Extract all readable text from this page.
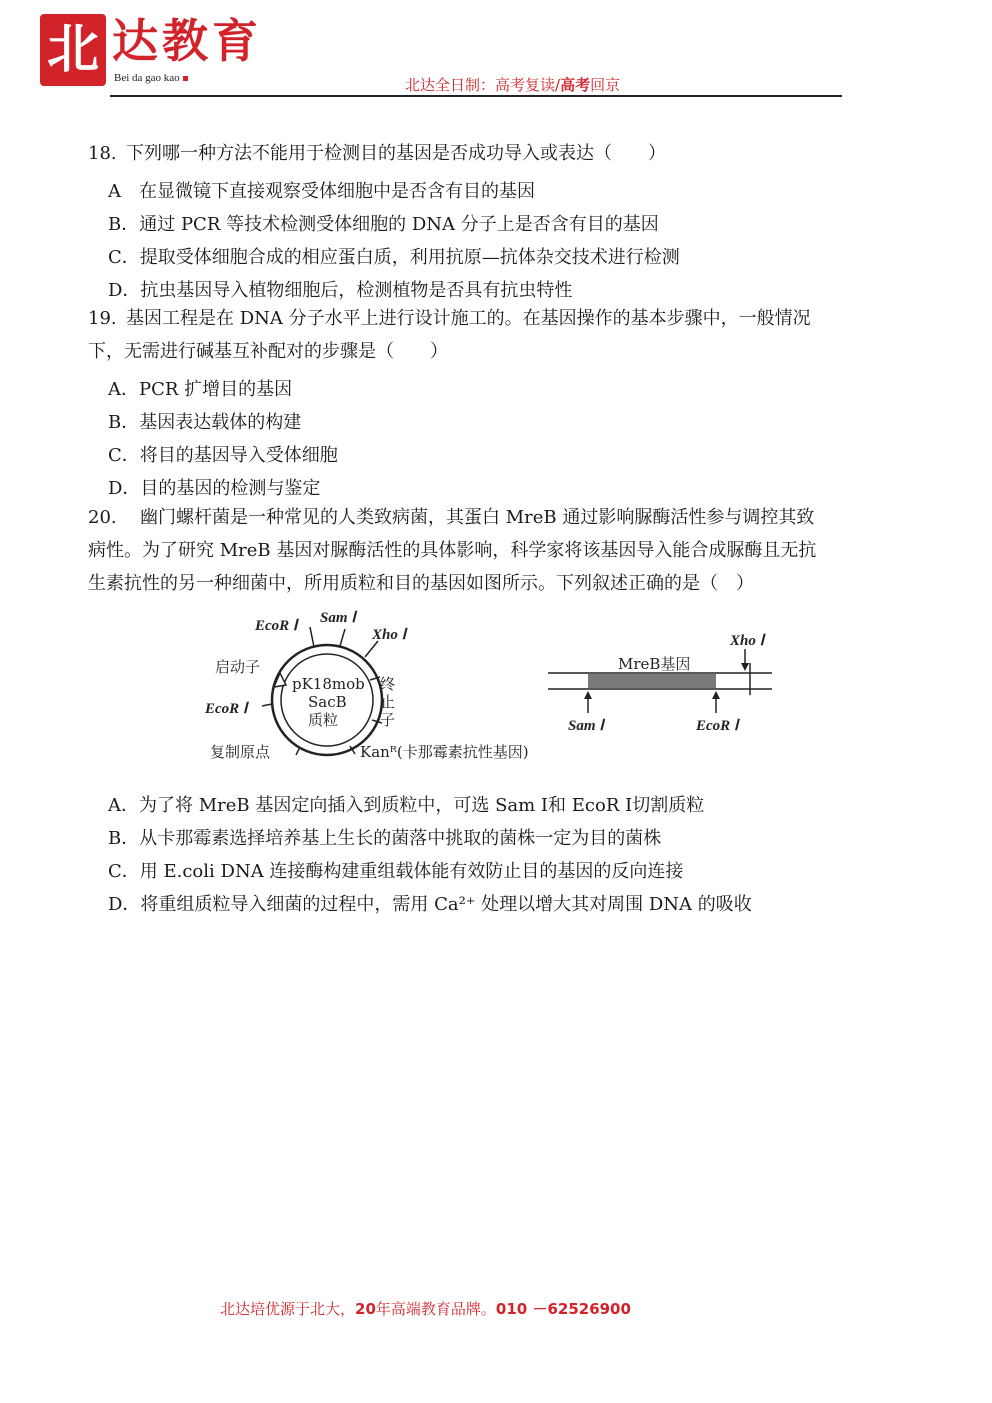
北 达教育
Bei da gao kao	北达全日制：高考复读/高考回京
18. 下列哪一种方法不能用于检测目的基因是否成功导入或表达（　　）
A　在显微镜下直接观察受体细胞中是否含有目的基因
B．通过 PCR 等技术检测受体细胞的 DNA 分子上是否含有目的基因
C．提取受体细胞合成的相应蛋白质，利用抗原—抗体杂交技术进行检测
D．抗虫基因导入植物细胞后，检测植物是否具有抗虫特性
19. 基因工程是在 DNA 分子水平上进行设计施工的。在基因操作的基本步骤中，一般情况
下，无需进行碱基互补配对的步骤是（　　）
A．PCR 扩增目的基因
B．基因表达载体的构建
C．将目的基因导入受体细胞
D．目的基因的检测与鉴定
20. 幽门螺杆菌是一种常见的人类致病菌，其蛋白 MreB 通过影响脲酶活性参与调控其致
病性。为了研究 MreB 基因对脲酶活性的具体影响，科学家将该基因导入能合成脲酶且无抗
生素抗性的另一种细菌中，所用质粒和目的基因如图所示。下列叙述正确的是（　）
EcoR Ⅰ Sam Ⅰ
Xho Ⅰ
启动子
EcoR Ⅰ
复制原点
pK18mob
SacB
质粒
终
止
子
Kanᴿ(卡那霉素抗性基因)
MreB基因
Xho Ⅰ
Sam Ⅰ	EcoR Ⅰ
A．为了将 MreB 基因定向插入到质粒中，可选 Sam Ⅰ和 EcoR Ⅰ切割质粒
B．从卡那霉素选择培养基上生长的菌落中挑取的菌株一定为目的菌株
C．用 E.coli DNA 连接酶构建重组载体能有效防止目的基因的反向连接
D．将重组质粒导入细菌的过程中，需用 Ca²⁺ 处理以增大其对周围 DNA 的吸收
北达培优源于北大，20年高端教育品牌。010 －62526900
